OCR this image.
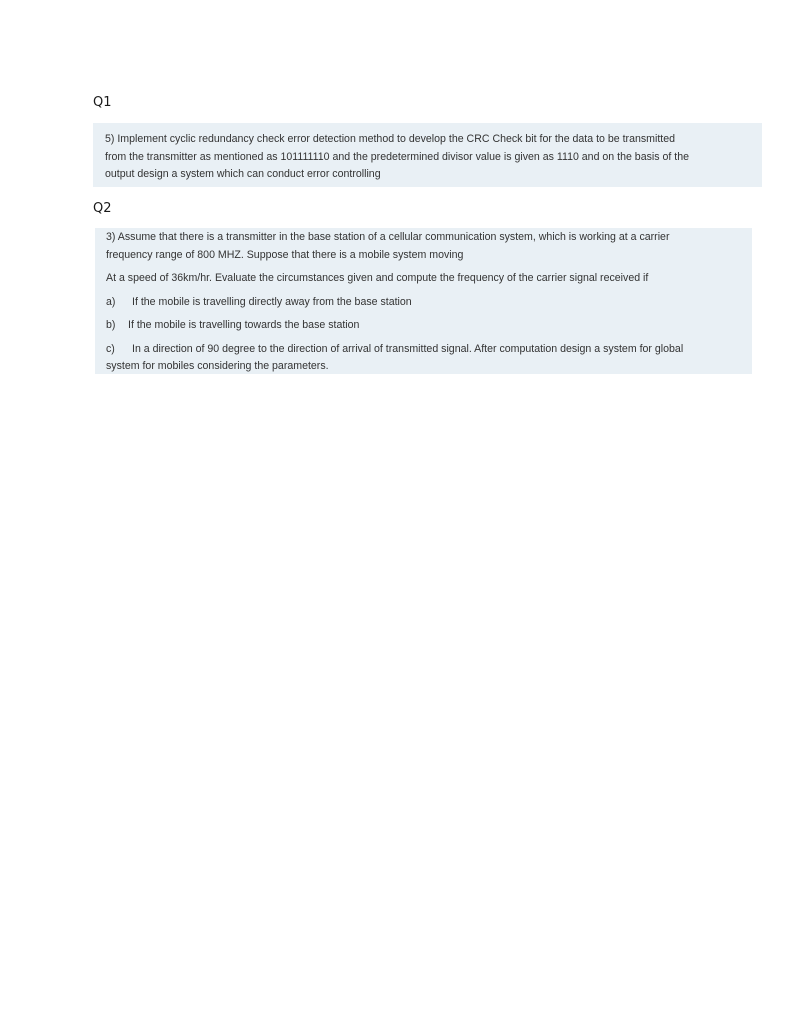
Q1

5) Implement cyclic redundancy check error detection method to develop the CRC Check bit for the data to be transmitted

from the transmitter as mentioned as 101111110 and the predetermined divisor value is given as 1110 and on the basis of the

output design a system which can conduct error controlling

Q2

3) Assume that there is a transmitter in the base station of a cellular communication system, which is working at a carrier

frequency range of 800 MHZ. Suppose that there is a mobile system moving

At a speed of 36km/hr. Evaluate the circumstances given and compute the frequency of the carrier signal received if

a) If the mobile is travelling directly away from the base station

b) If the mobile is travelling towards the base station

c) In a direction of 90 degree to the direction of arrival of transmitted signal. After computation design a system for global

system for mobiles considering the parameters.
